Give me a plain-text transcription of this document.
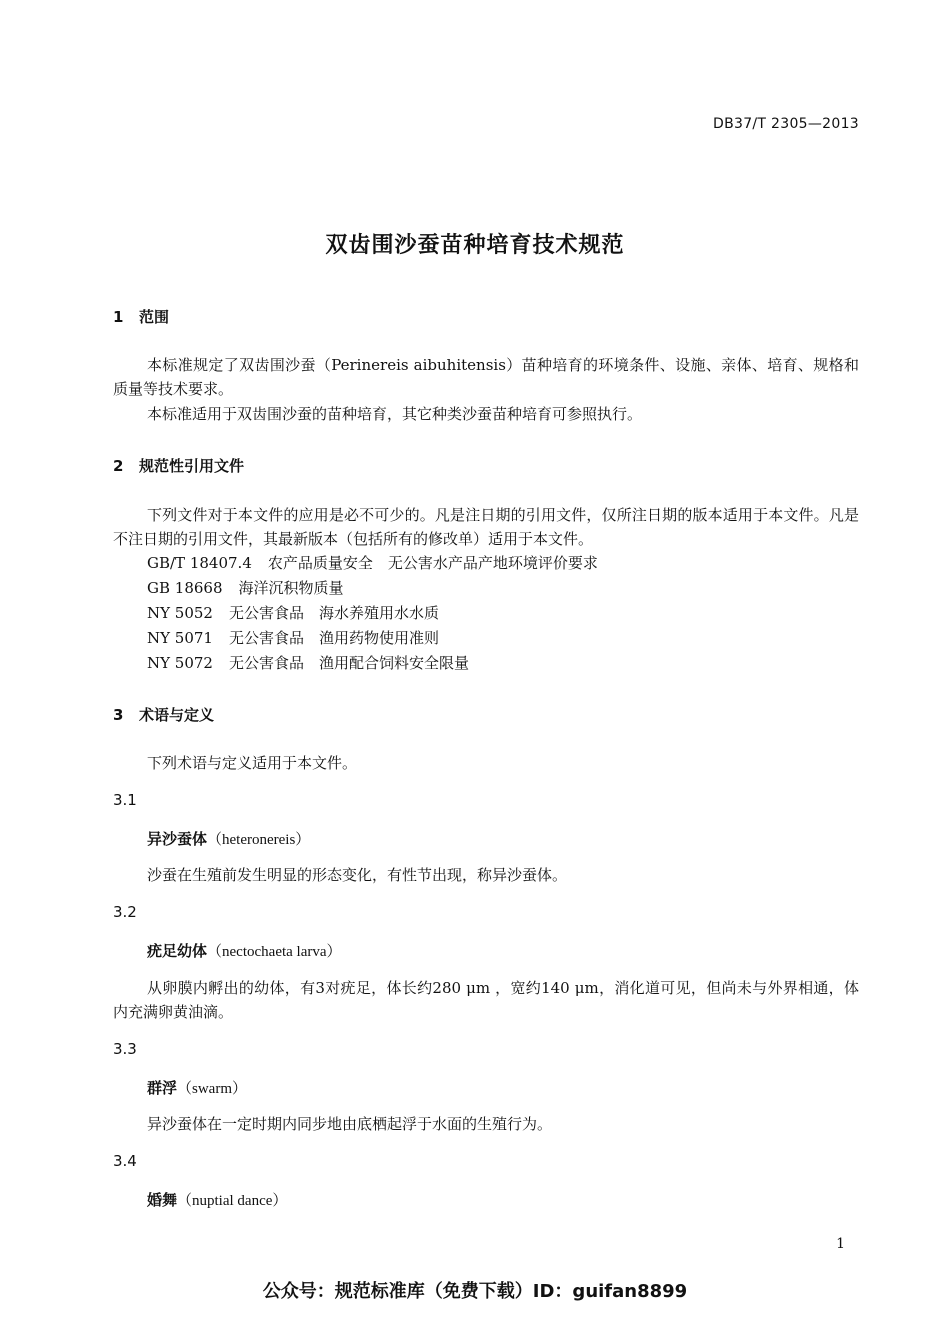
DB37/T 2305—2013
双齿围沙蚕苗种培育技术规范
1 范围
本标准规定了双齿围沙蚕（Perinereis aibuhitensis）苗种培育的环境条件、设施、亲体、培育、规格和质量等技术要求。
本标准适用于双齿围沙蚕的苗种培育，其它种类沙蚕苗种培育可参照执行。
2 规范性引用文件
下列文件对于本文件的应用是必不可少的。凡是注日期的引用文件，仅所注日期的版本适用于本文件。凡是不注日期的引用文件，其最新版本（包括所有的修改单）适用于本文件。
GB/T 18407.4 农产品质量安全　无公害水产品产地环境评价要求
GB 18668 海洋沉积物质量
NY 5052 无公害食品　海水养殖用水水质
NY 5071 无公害食品　渔用药物使用准则
NY 5072 无公害食品　渔用配合饲料安全限量
3 术语与定义
下列术语与定义适用于本文件。
3.1
异沙蚕体（heteronereis）
沙蚕在生殖前发生明显的形态变化，有性节出现，称异沙蚕体。
3.2
疣足幼体（nectochaeta larva）
从卵膜内孵出的幼体，有3对疣足，体长约280 μm ，宽约140 μm，消化道可见，但尚未与外界相通，体内充满卵黄油滴。
3.3
群浮（swarm）
异沙蚕体在一定时期内同步地由底栖起浮于水面的生殖行为。
3.4
婚舞（nuptial dance）
1
公众号：规范标准库（免费下载）ID：guifan8899
